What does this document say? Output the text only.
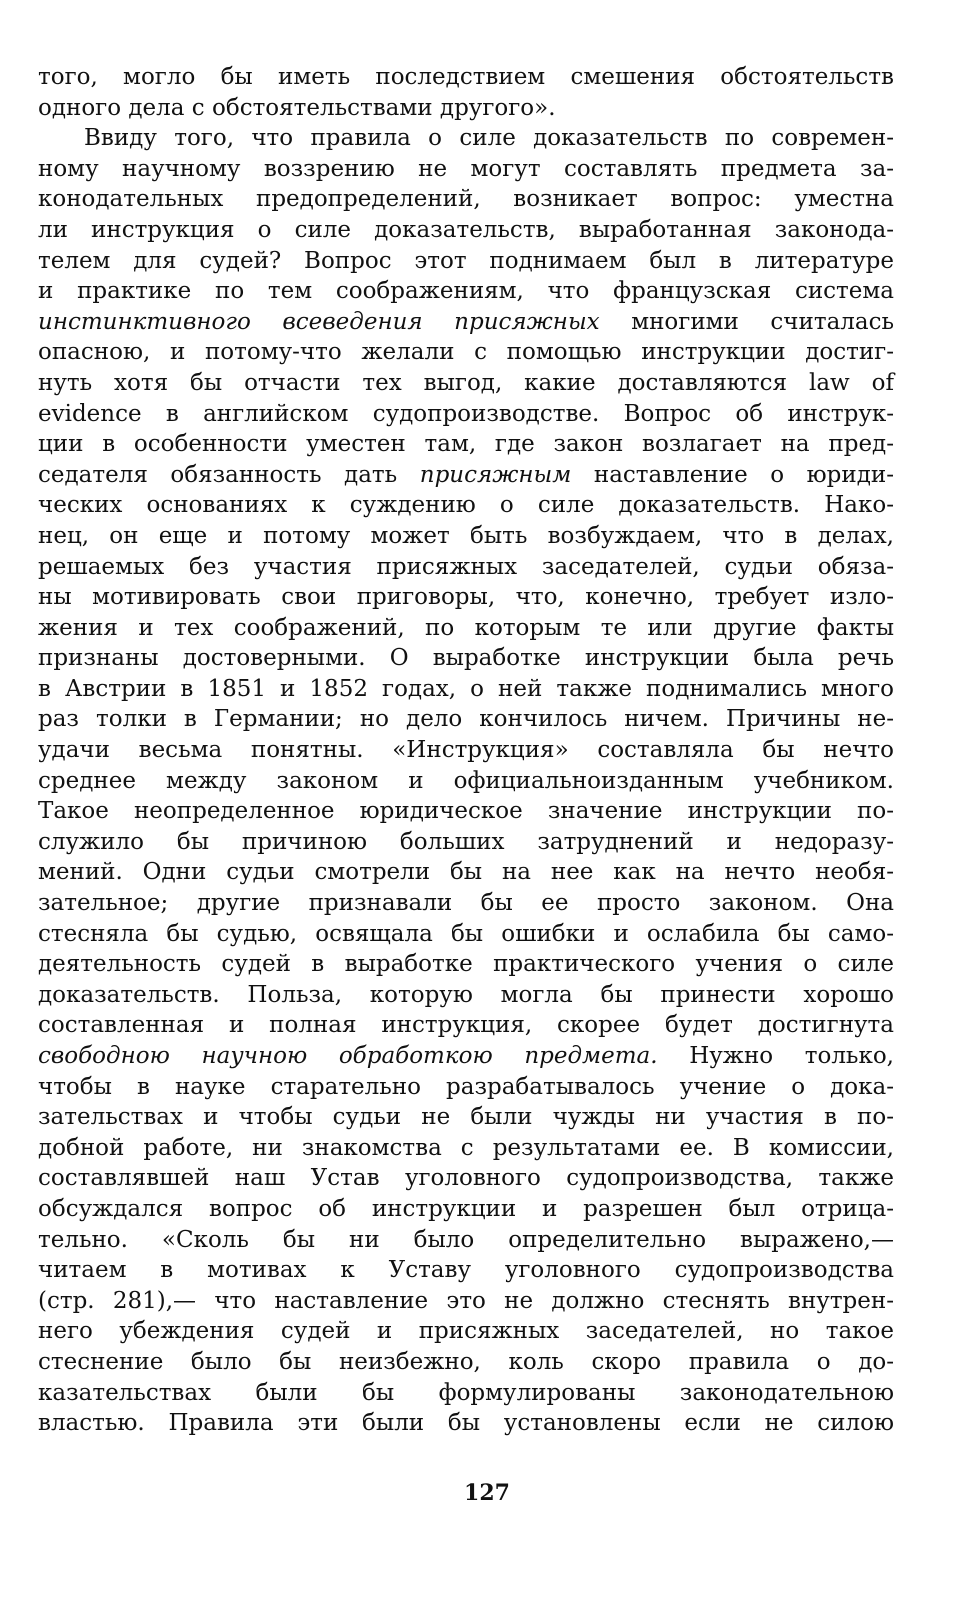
того, могло бы иметь последствием смешения обстоятельств
одного дела с обстоятельствами другого».
Ввиду того, что правила о силе доказательств по современ-
ному научному воззрению не могут составлять предмета за-
конодательных предопределений, возникает вопрос: уместна
ли инструкция о силе доказательств, выработанная законода-
телем для судей? Вопрос этот поднимаем был в литературе
и практике по тем соображениям, что французская система
инстинктивного всеведения присяжных многими считалась
опасною, и потому-что желали с помощью инструкции достиг-
нуть хотя бы отчасти тех выгод, какие доставляются law of
evidence в английском судопроизводстве. Вопрос об инструк-
ции в особенности уместен там, где закон возлагает на пред-
седателя обязанность дать присяжным наставление о юриди-
ческих основаниях к суждению о силе доказательств. Нако-
нец, он еще и потому может быть возбуждаем, что в делах,
решаемых без участия присяжных заседателей, судьи обяза-
ны мотивировать свои приговоры, что, конечно, требует изло-
жения и тех соображений, по которым те или другие факты
признаны достоверными. О выработке инструкции была речь
в Австрии в 1851 и 1852 годах, о ней также поднимались много
раз толки в Германии; но дело кончилось ничем. Причины не-
удачи весьма понятны. «Инструкция» составляла бы нечто
среднее между законом и официальноизданным учебником.
Такое неопределенное юридическое значение инструкции по-
служило бы причиною больших затруднений и недоразу-
мений. Одни судьи смотрели бы на нее как на нечто необя-
зательное; другие признавали бы ее просто законом. Она
стесняла бы судью, освящала бы ошибки и ослабила бы само-
деятельность судей в выработке практического учения о силе
доказательств. Польза, которую могла бы принести хорошо
составленная и полная инструкция, скорее будет достигнута
свободною научною обработкою предмета. Нужно только,
чтобы в науке старательно разрабатывалось учение о дока-
зательствах и чтобы судьи не были чужды ни участия в по-
добной работе, ни знакомства с результатами ее. В комиссии,
составлявшей наш Устав уголовного судопроизводства, также
обсуждался вопрос об инструкции и разрешен был отрица-
тельно. «Сколь бы ни было определительно выражено,—
читаем в мотивах к Уставу уголовного судопроизводства
(стр. 281),— что наставление это не должно стеснять внутрен-
него убеждения судей и присяжных заседателей, но такое
стеснение было бы неизбежно, коль скоро правила о до-
казательствах были бы формулированы законодательною
властью. Правила эти были бы установлены если не силою
127
